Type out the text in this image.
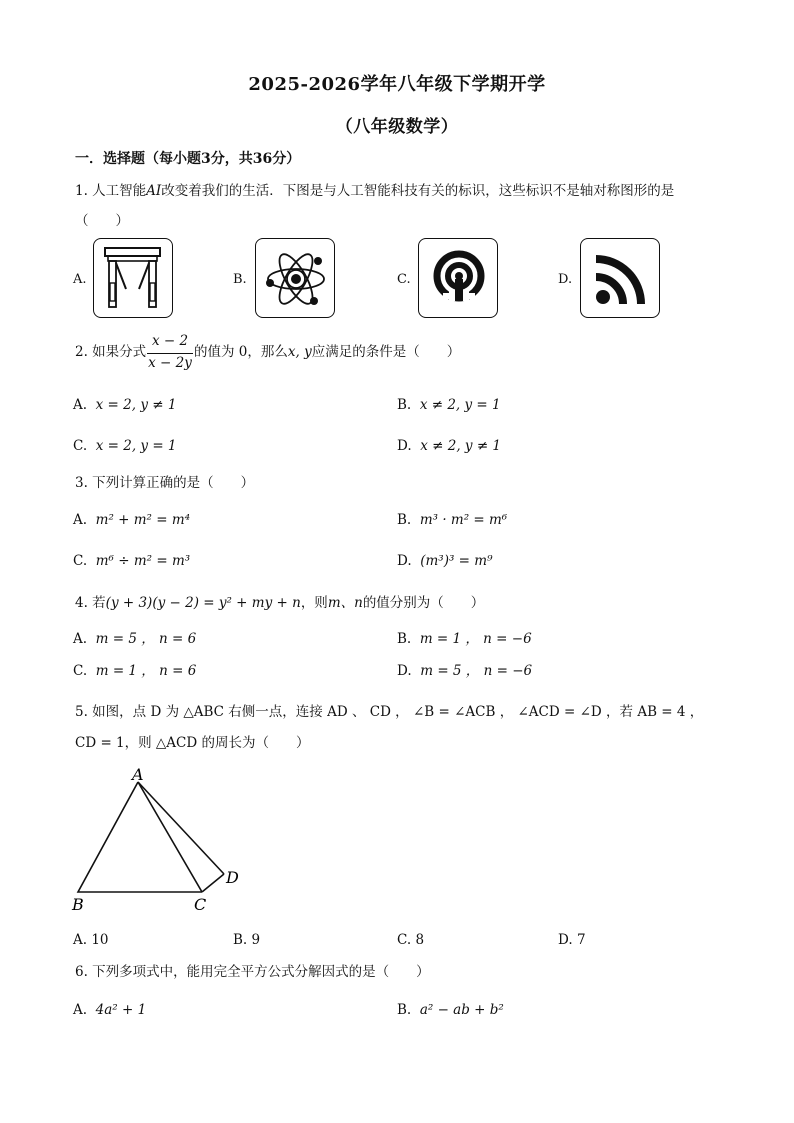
2025-2026学年八年级下学期开学
（八年级数学）
一．选择题（每小题3分，共36分）
1. 人工智能AI改变着我们的生活．下图是与人工智能科技有关的标识，这些标识不是轴对称图形的是
（　　）
A.	B.	C.	D.
2. 如果分式
x − 2
x − 2y
的值为 0，那么x, y应满足的条件是（　　）
A. x = 2, y ≠ 1	B. x ≠ 2, y = 1
C. x = 2, y = 1	D. x ≠ 2, y ≠ 1
3. 下列计算正确的是（　　）
A. m² + m² = m⁴	B. m³ · m² = m⁶
C. m⁶ ÷ m² = m³	D. (m³)³ = m⁹
4. 若(y + 3)(y − 2) = y² + my + n，则m、n的值分别为（　　）
A. m = 5 ， n = 6	B. m = 1 ， n = −6
C. m = 1 ， n = 6	D. m = 5 ， n = −6
5. 如图，点 D 为 △ABC 右侧一点，连接 AD 、 CD ， ∠B = ∠ACB ， ∠ACD = ∠D ，若 AB = 4 ，
CD = 1，则 △ACD 的周长为（　　）
A
B	C
D
A. 10	B. 9	C. 8	D. 7
6. 下列多项式中，能用完全平方公式分解因式的是（　　）
A. 4a² + 1	B. a² − ab + b²
